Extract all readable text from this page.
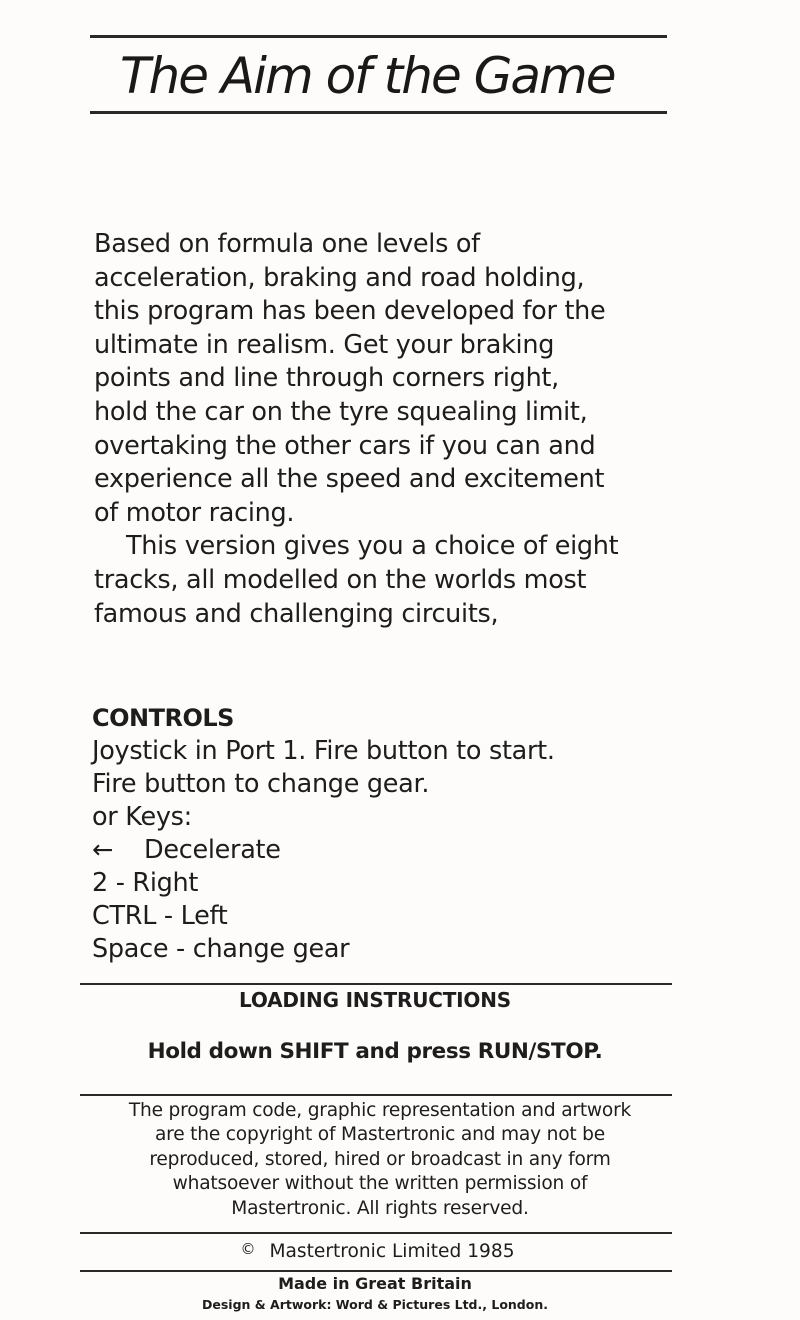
The Aim of the Game

Based on formula one levels of
acceleration, braking and road holding,
this program has been developed for the
ultimate in realism. Get your braking
points and line through corners right,
hold the car on the tyre squealing limit,
overtaking the other cars if you can and
experience all the speed and excitement
of motor racing.

This version gives you a choice of eight
tracks, all modelled on the worlds most
famous and challenging circuits,

CONTROLS
Joystick in Port 1. Fire button to start.
Fire button to change gear.
or Keys:
← Decelerate
2 - Right
CTRL - Left
Space - change gear
LOADING INSTRUCTIONS
Hold down SHIFT and press RUN/STOP.
The program code, graphic representation and artwork
are the copyright of Mastertronic and may not be
reproduced, stored, hired or broadcast in any form
whatsoever without the written permission of
Mastertronic. All rights reserved.
© Mastertronic Limited 1985
Made in Great Britain
Design & Artwork: Word & Pictures Ltd., London.
